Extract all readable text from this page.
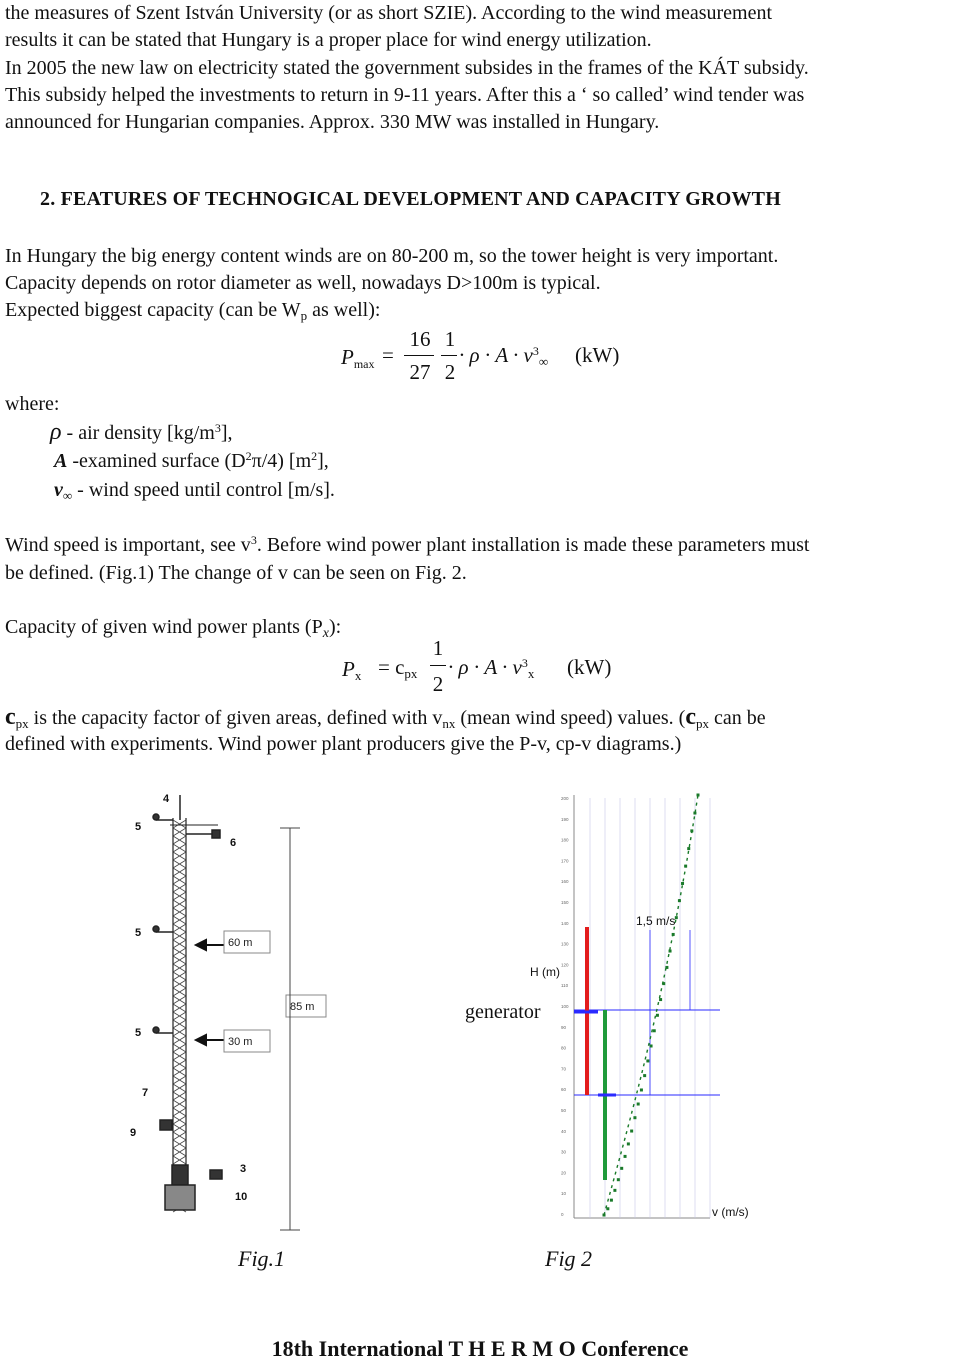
the measures of Szent István University (or as short SZIE). According to the wind measurement

results it can be stated that Hungary is a proper place for wind energy utilization.

In 2005 the new law on electricity stated the government subsides in the frames of the KÁT subsidy.

This subsidy helped the investments to return in 9-11 years. After this a ‘ so called’ wind tender was

announced for Hungarian companies. Approx. 330 MW was installed in Hungary.

2. FEATURES OF TECHNOGICAL DEVELOPMENT AND CAPACITY GROWTH

In Hungary the big energy content winds are on 80-200 m, so the tower height is very important.

Capacity depends on rotor diameter as well, nowadays D>100m is typical.

Expected biggest capacity (can be $W_p$ as well):

$P_{max}$ =
16
27
1
2
· $\rho \cdot A \cdot v^3_\infty$ (kW)

where:

ρ - air density $[kg/m^3]$,

A -examined surface $(D^2\pi/4)$ $[m^2]$,

$v_\infty$ - wind speed until control [m/s].

Wind speed is important, see $v^3$. Before wind power plant installation is made these parameters must

be defined. (Fig.1) The change of v can be seen on Fig. 2.

Capacity of given wind power plants $(P_x)$:

$P_x = c_{px}$
1
2
· $\rho \cdot A \cdot v^3_x$ (kW)

$c_{px}$ is the capacity factor of given areas, defined with $v_{nx}$ (mean wind speed) values. ($c_{px}$ can be

defined with experiments. Wind power plant producers give the P-v, cp-v diagrams.)

60 m
30 m
85 m
4
5
6
5
5
7
9
3
10
Fig.1
200
190
180
170
160
150
140
130
120
110
100
90
80
70
60
50
40
30
20
10
0
1,5 m/s
H (m)
generator
v (m/s)
Fig 2
18th International T H E R M O Conference
